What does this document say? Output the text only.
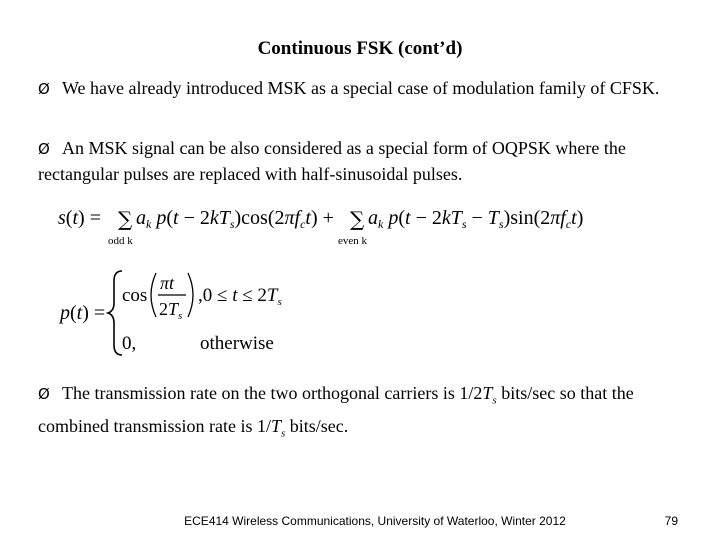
Continuous FSK (cont’d)
Ø We have already introduced MSK as a special case of modulation family of CFSK.
Ø An MSK signal can be also considered as a special form of OQPSK where the rectangular pulses are replaced with half-sinusoidal pulses.
s(t) = ∑
odd k
$a_k$ $p(t - 2kT_s)\cos(2\pi f_ct)$ + ∑
even k
$a_k$ $p(t - 2kT_s - T_s)\sin(2\pi f_ct)$
p(t) =
cos
πt
$2T_s$
$,0 \le t \le 2T_s$
0,	otherwise
Ø The transmission rate on the two orthogonal carriers is $1/2T_s$ bits/sec so that the combined transmission rate is $1/T_s$ bits/sec.
ECE414 Wireless Communications, University of Waterloo, Winter 2012	79
